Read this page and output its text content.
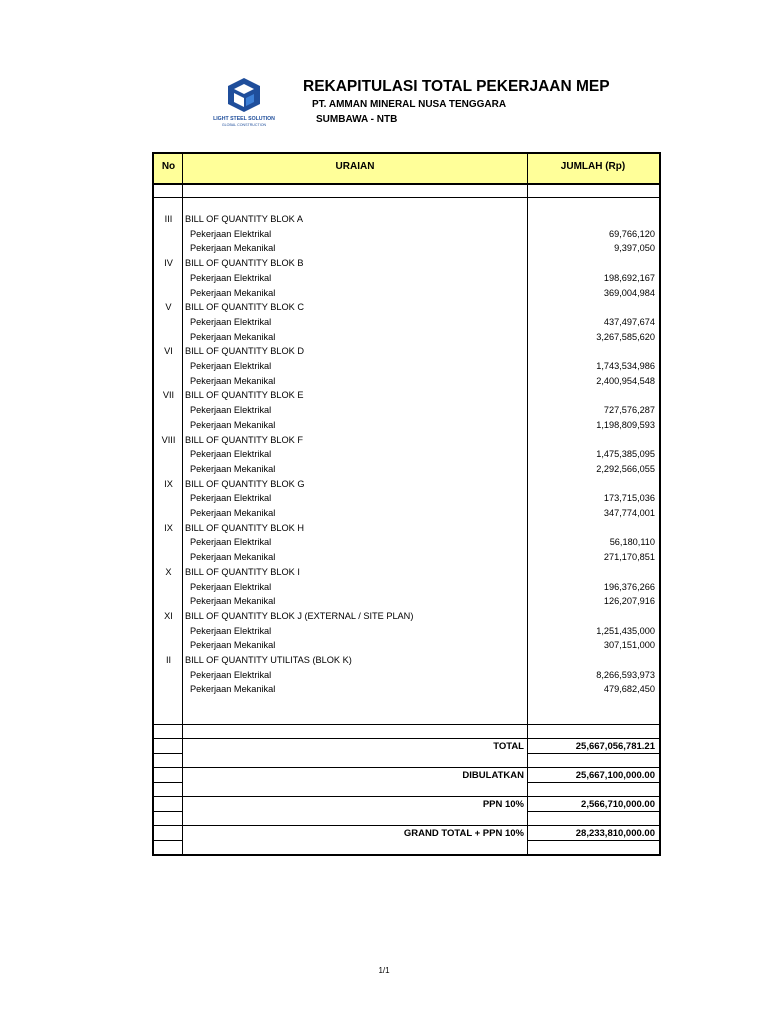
LIGHT STEEL SOLUTION
GLOBAL CONSTRUCTION
REKAPITULASI TOTAL PEKERJAAN MEP
PT. AMMAN MINERAL NUSA TENGGARA
SUMBAWA - NTB
No	URAIAN	JUMLAH (Rp)
III	BILL OF QUANTITY BLOK A
Pekerjaan Elektrikal	69,766,120
Pekerjaan Mekanikal	9,397,050
IV	BILL OF QUANTITY BLOK B
Pekerjaan Elektrikal	198,692,167
Pekerjaan Mekanikal	369,004,984
V	BILL OF QUANTITY BLOK C
Pekerjaan Elektrikal	437,497,674
Pekerjaan Mekanikal	3,267,585,620
VI	BILL OF QUANTITY BLOK D
Pekerjaan Elektrikal	1,743,534,986
Pekerjaan Mekanikal	2,400,954,548
VII	BILL OF QUANTITY BLOK E
Pekerjaan Elektrikal	727,576,287
Pekerjaan Mekanikal	1,198,809,593
VIII	BILL OF QUANTITY BLOK F
Pekerjaan Elektrikal	1,475,385,095
Pekerjaan Mekanikal	2,292,566,055
IX	BILL OF QUANTITY BLOK G
Pekerjaan Elektrikal	173,715,036
Pekerjaan Mekanikal	347,774,001
IX	BILL OF QUANTITY BLOK H
Pekerjaan Elektrikal	56,180,110
Pekerjaan Mekanikal	271,170,851
X	BILL OF QUANTITY BLOK I
Pekerjaan Elektrikal	196,376,266
Pekerjaan Mekanikal	126,207,916
XI	BILL OF QUANTITY BLOK J (EXTERNAL / SITE PLAN)
Pekerjaan Elektrikal	1,251,435,000
Pekerjaan Mekanikal	307,151,000
II	BILL OF QUANTITY UTILITAS (BLOK K)
Pekerjaan Elektrikal	8,266,593,973
Pekerjaan Mekanikal	479,682,450
TOTAL	25,667,056,781.21
DIBULATKAN	25,667,100,000.00
PPN 10%	2,566,710,000.00
GRAND TOTAL + PPN 10%	28,233,810,000.00
1/1
